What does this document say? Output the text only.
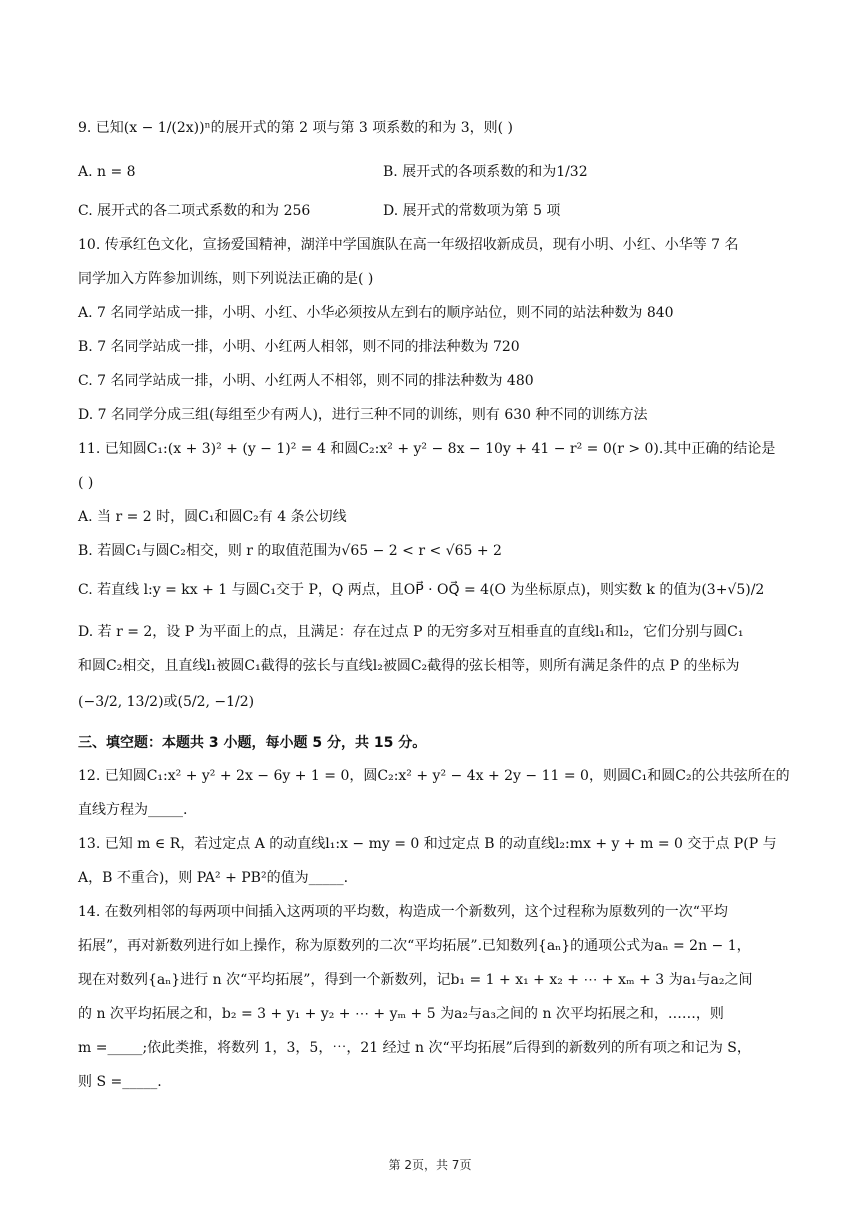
9. 已知(x − 1/(2x))ⁿ的展开式的第 2 项与第 3 项系数的和为 3，则( )
A. n = 8	B. 展开式的各项系数的和为1/32
C. 展开式的各二项式系数的和为 256	D. 展开式的常数项为第 5 项
10. 传承红色文化，宣扬爱国精神，湖洋中学国旗队在高一年级招收新成员，现有小明、小红、小华等 7 名
同学加入方阵参加训练，则下列说法正确的是( )
A. 7 名同学站成一排，小明、小红、小华必须按从左到右的顺序站位，则不同的站法种数为 840
B. 7 名同学站成一排，小明、小红两人相邻，则不同的排法种数为 720
C. 7 名同学站成一排，小明、小红两人不相邻，则不同的排法种数为 480
D. 7 名同学分成三组(每组至少有两人)，进行三种不同的训练，则有 630 种不同的训练方法
11. 已知圆C₁:(x + 3)² + (y − 1)² = 4 和圆C₂:x² + y² − 8x − 10y + 41 − r² = 0(r > 0).其中正确的结论是
( )
A. 当 r = 2 时，圆C₁和圆C₂有 4 条公切线
B. 若圆C₁与圆C₂相交，则 r 的取值范围为√65 − 2 < r < √65 + 2
C. 若直线 l:y = kx + 1 与圆C₁交于 P，Q 两点，且OP⃗ · OQ⃗ = 4(O 为坐标原点)，则实数 k 的值为(3+√5)/2
D. 若 r = 2，设 P 为平面上的点，且满足：存在过点 P 的无穷多对互相垂直的直线l₁和l₂，它们分别与圆C₁
和圆C₂相交，且直线l₁被圆C₁截得的弦长与直线l₂被圆C₂截得的弦长相等，则所有满足条件的点 P 的坐标为
(−3/2, 13/2)或(5/2, −1/2)
三、填空题：本题共 3 小题，每小题 5 分，共 15 分。
12. 已知圆C₁:x² + y² + 2x − 6y + 1 = 0，圆C₂:x² + y² − 4x + 2y − 11 = 0，则圆C₁和圆C₂的公共弦所在的
直线方程为_____.
13. 已知 m ∈ R，若过定点 A 的动直线l₁:x − my = 0 和过定点 B 的动直线l₂:mx + y + m = 0 交于点 P(P 与
A，B 不重合)，则 PA² + PB²的值为_____.
14. 在数列相邻的每两项中间插入这两项的平均数，构造成一个新数列，这个过程称为原数列的一次“平均
拓展”，再对新数列进行如上操作，称为原数列的二次“平均拓展”.已知数列{aₙ}的通项公式为aₙ = 2n − 1，
现在对数列{aₙ}进行 n 次“平均拓展”，得到一个新数列，记b₁ = 1 + x₁ + x₂ + ⋯ + xₘ + 3 为a₁与a₂之间
的 n 次平均拓展之和，b₂ = 3 + y₁ + y₂ + ⋯ + yₘ + 5 为a₂与a₃之间的 n 次平均拓展之和，……，则
m =_____;依此类推，将数列 1，3，5，⋯，21 经过 n 次“平均拓展”后得到的新数列的所有项之和记为 S，
则 S =_____.
第 2页，共 7页
